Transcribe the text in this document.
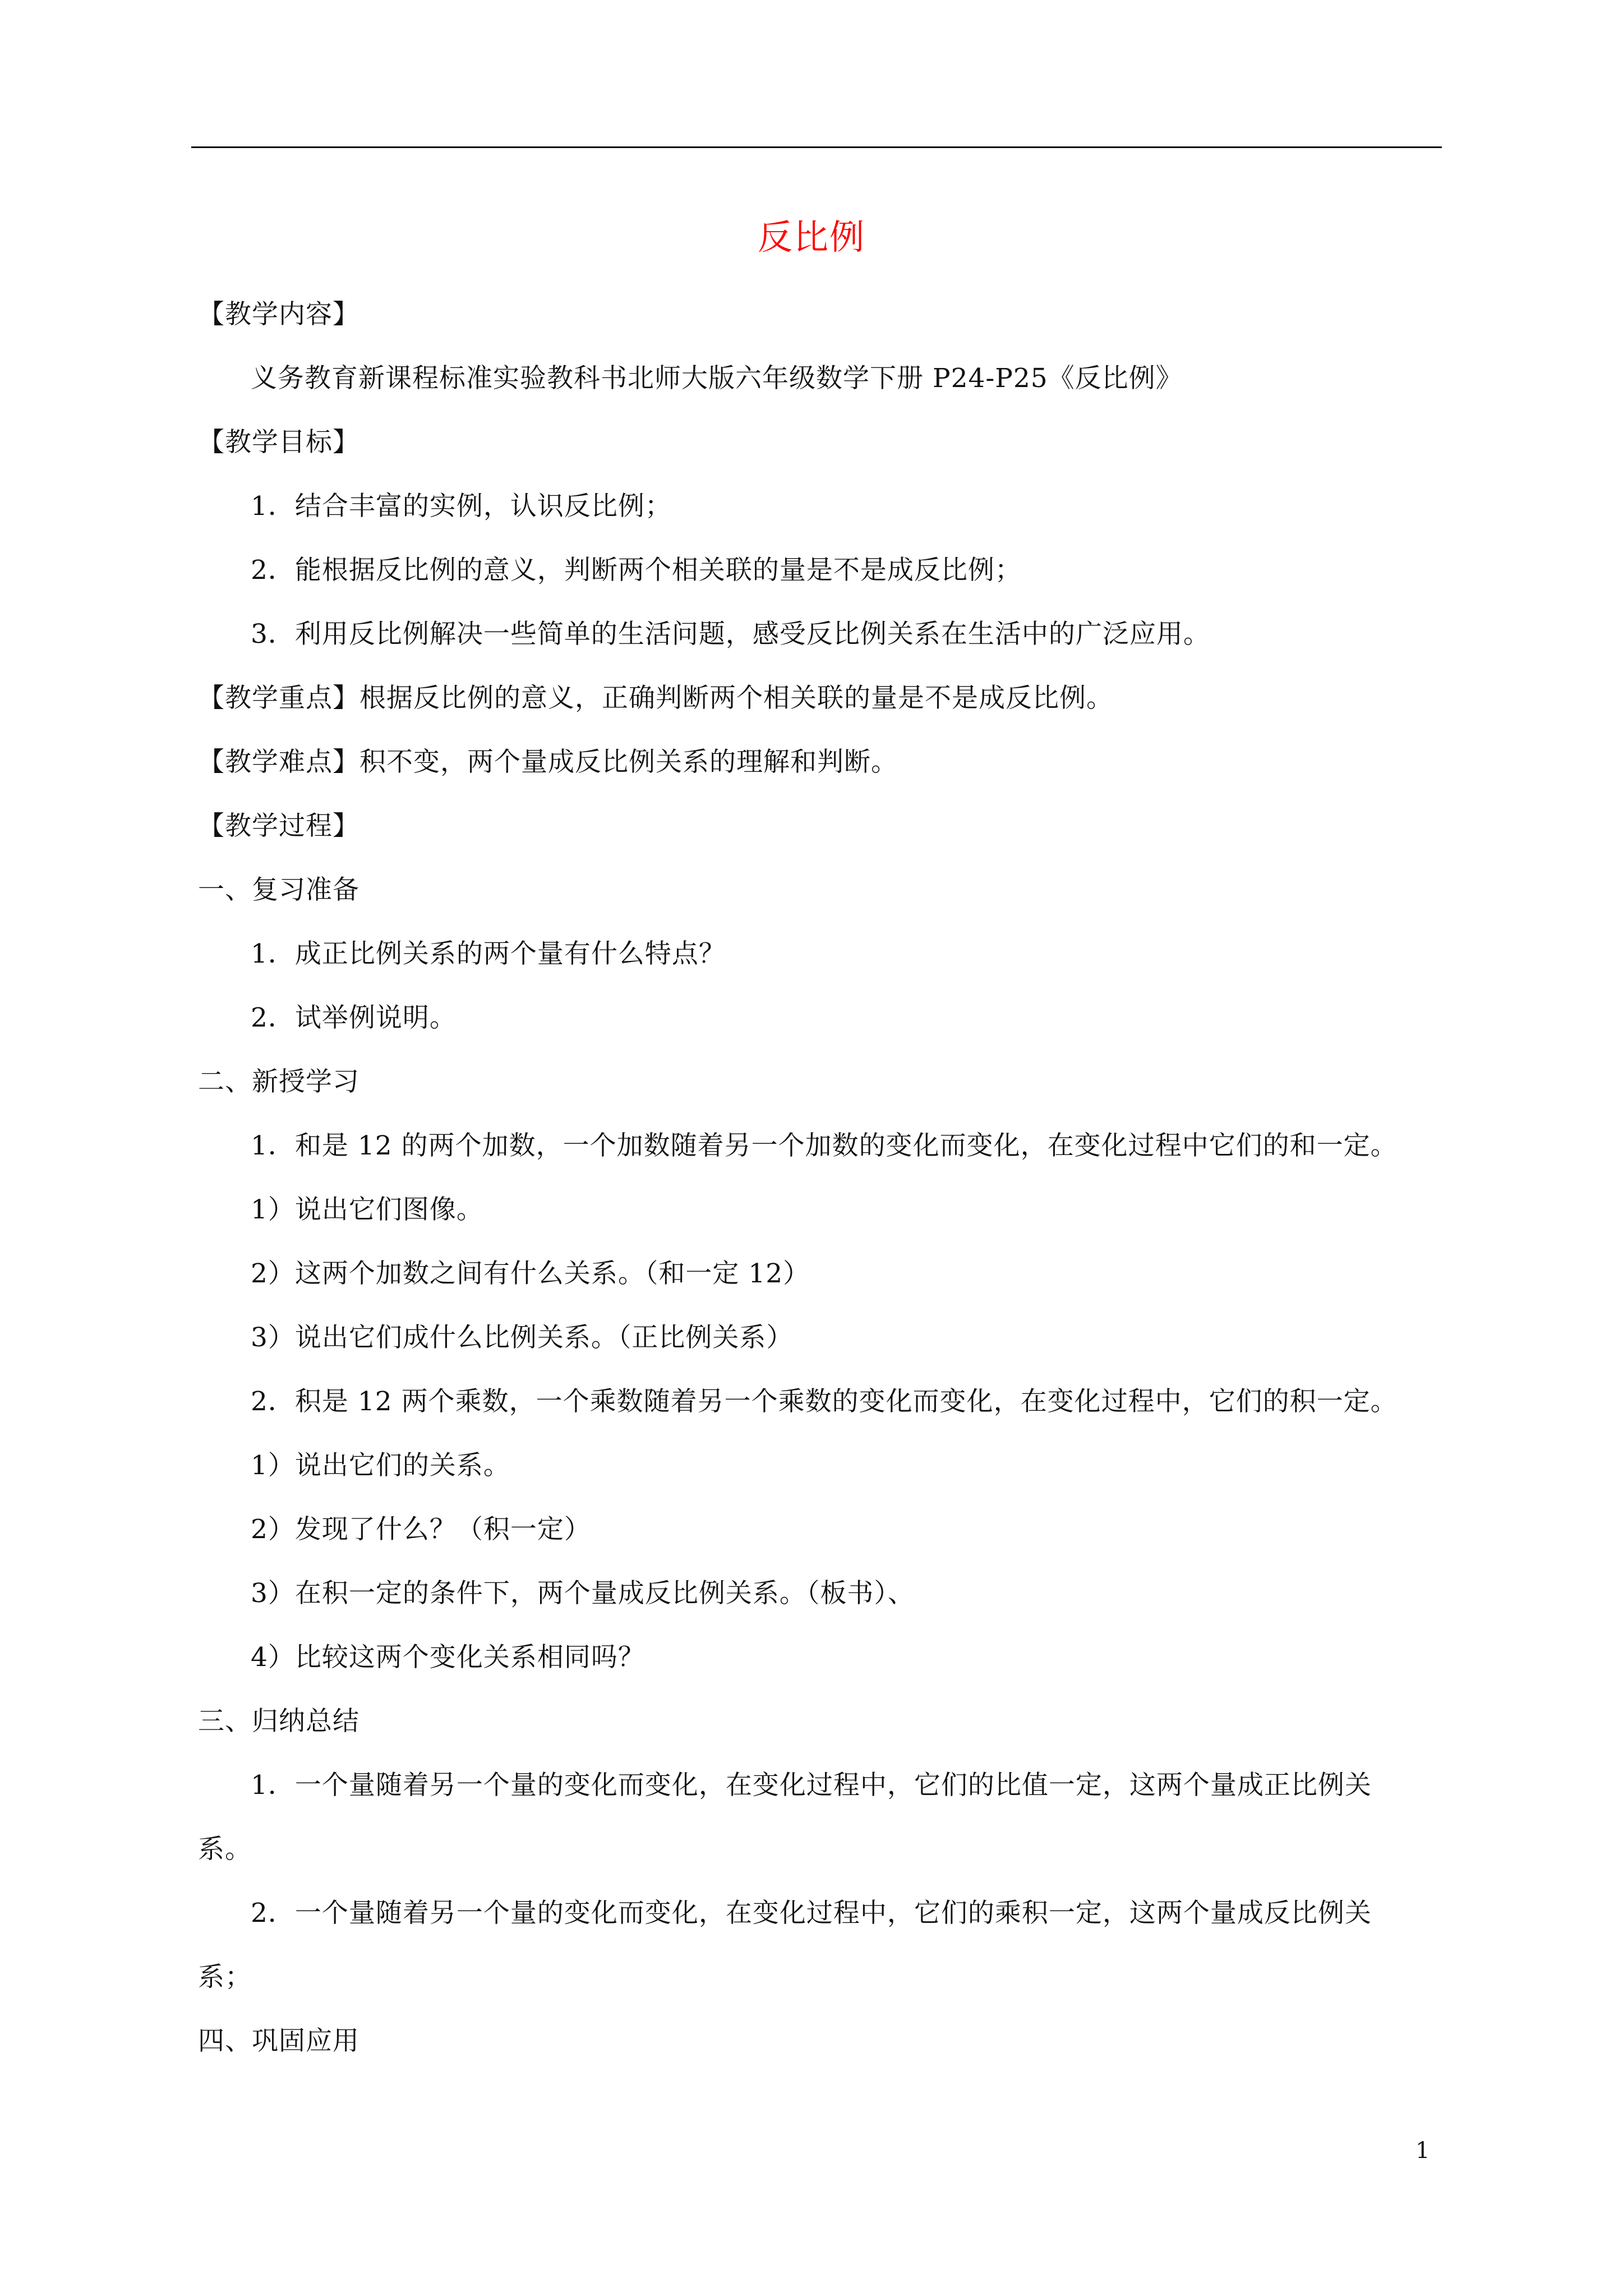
反比例
【教学内容】
义务教育新课程标准实验教科书北师大版六年级数学下册 P24-P25《反比例》
【教学目标】
1．结合丰富的实例，认识反比例；
2．能根据反比例的意义，判断两个相关联的量是不是成反比例；
3．利用反比例解决一些简单的生活问题，感受反比例关系在生活中的广泛应用。
【教学重点】根据反比例的意义，正确判断两个相关联的量是不是成反比例。
【教学难点】积不变，两个量成反比例关系的理解和判断。
【教学过程】
一、复习准备
1．成正比例关系的两个量有什么特点？
2．试举例说明。
二、新授学习
1．和是 12 的两个加数，一个加数随着另一个加数的变化而变化，在变化过程中它们的和一定。
1）说出它们图像。
2）这两个加数之间有什么关系。（和一定 12）
3）说出它们成什么比例关系。（正比例关系）
2．积是 12 两个乘数，一个乘数随着另一个乘数的变化而变化，在变化过程中，它们的积一定。
1）说出它们的关系。
2）发现了什么？（积一定）
3）在积一定的条件下，两个量成反比例关系。（板书）、
4）比较这两个变化关系相同吗？
三、归纳总结
1．一个量随着另一个量的变化而变化，在变化过程中，它们的比值一定，这两个量成正比例关
系。
2．一个量随着另一个量的变化而变化，在变化过程中，它们的乘积一定，这两个量成反比例关
系；
四、巩固应用
1
